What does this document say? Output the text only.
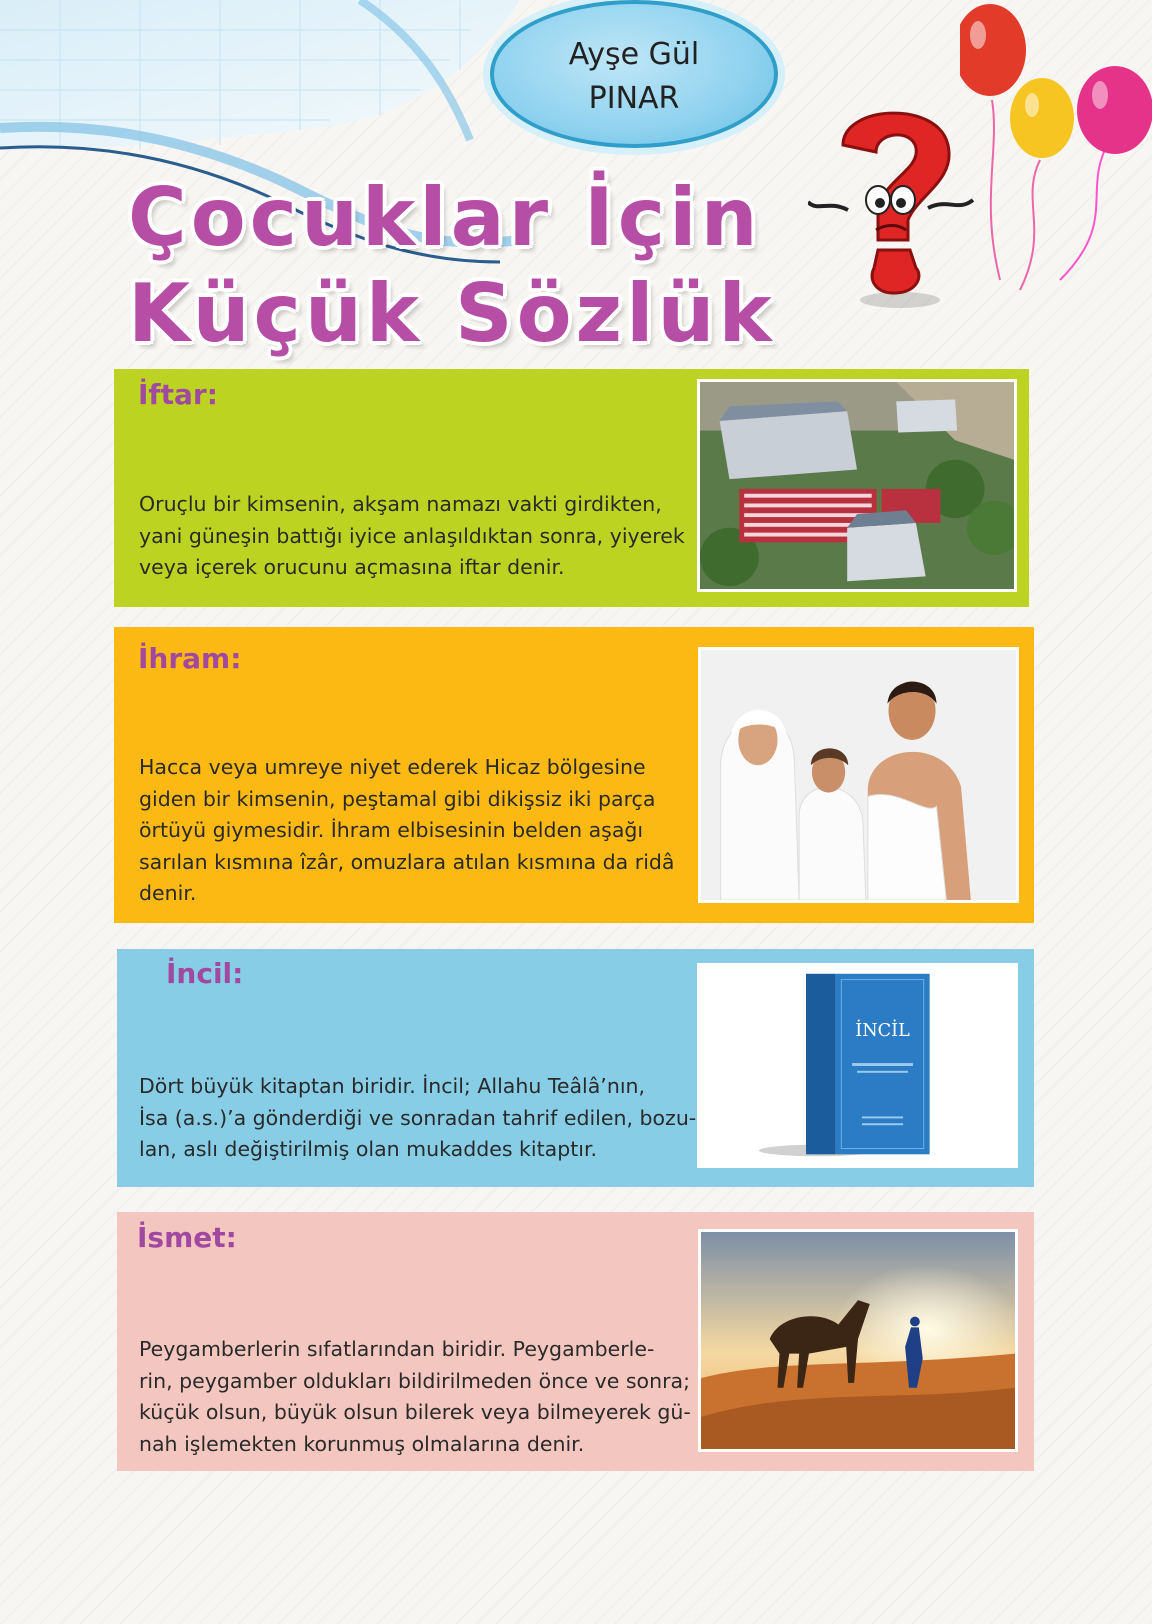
Ayşe Gül
PINAR
Çocuklar İçin
Küçük Sözlük
İftar:

Oruçlu bir kimsenin, akşam namazı vakti girdikten,
yani güneşin battığı iyice anlaşıldıktan sonra, yiyerek
veya içerek orucunu açmasına iftar denir.

İhram:

Hacca veya umreye niyet ederek Hicaz bölgesine
giden bir kimsenin, peştamal gibi dikişsiz iki parça
örtüyü giymesidir. İhram elbisesinin belden aşağı
sarılan kısmına îzâr, omuzlara atılan kısmına da ridâ
denir.

İncil:

Dört büyük kitaptan biridir. İncil; Allahu Teâlâ’nın,
İsa (a.s.)’a gönderdiği ve sonradan tahrif edilen, bozu-
lan, aslı değiştirilmiş olan mukaddes kitaptır.

İNCİL
İsmet:

Peygamberlerin sıfatlarından biridir. Peygamberle-
rin, peygamber oldukları bildirilmeden önce ve sonra;
küçük olsun, büyük olsun bilerek veya bilmeyerek gü-
nah işlemekten korunmuş olmalarına denir.
